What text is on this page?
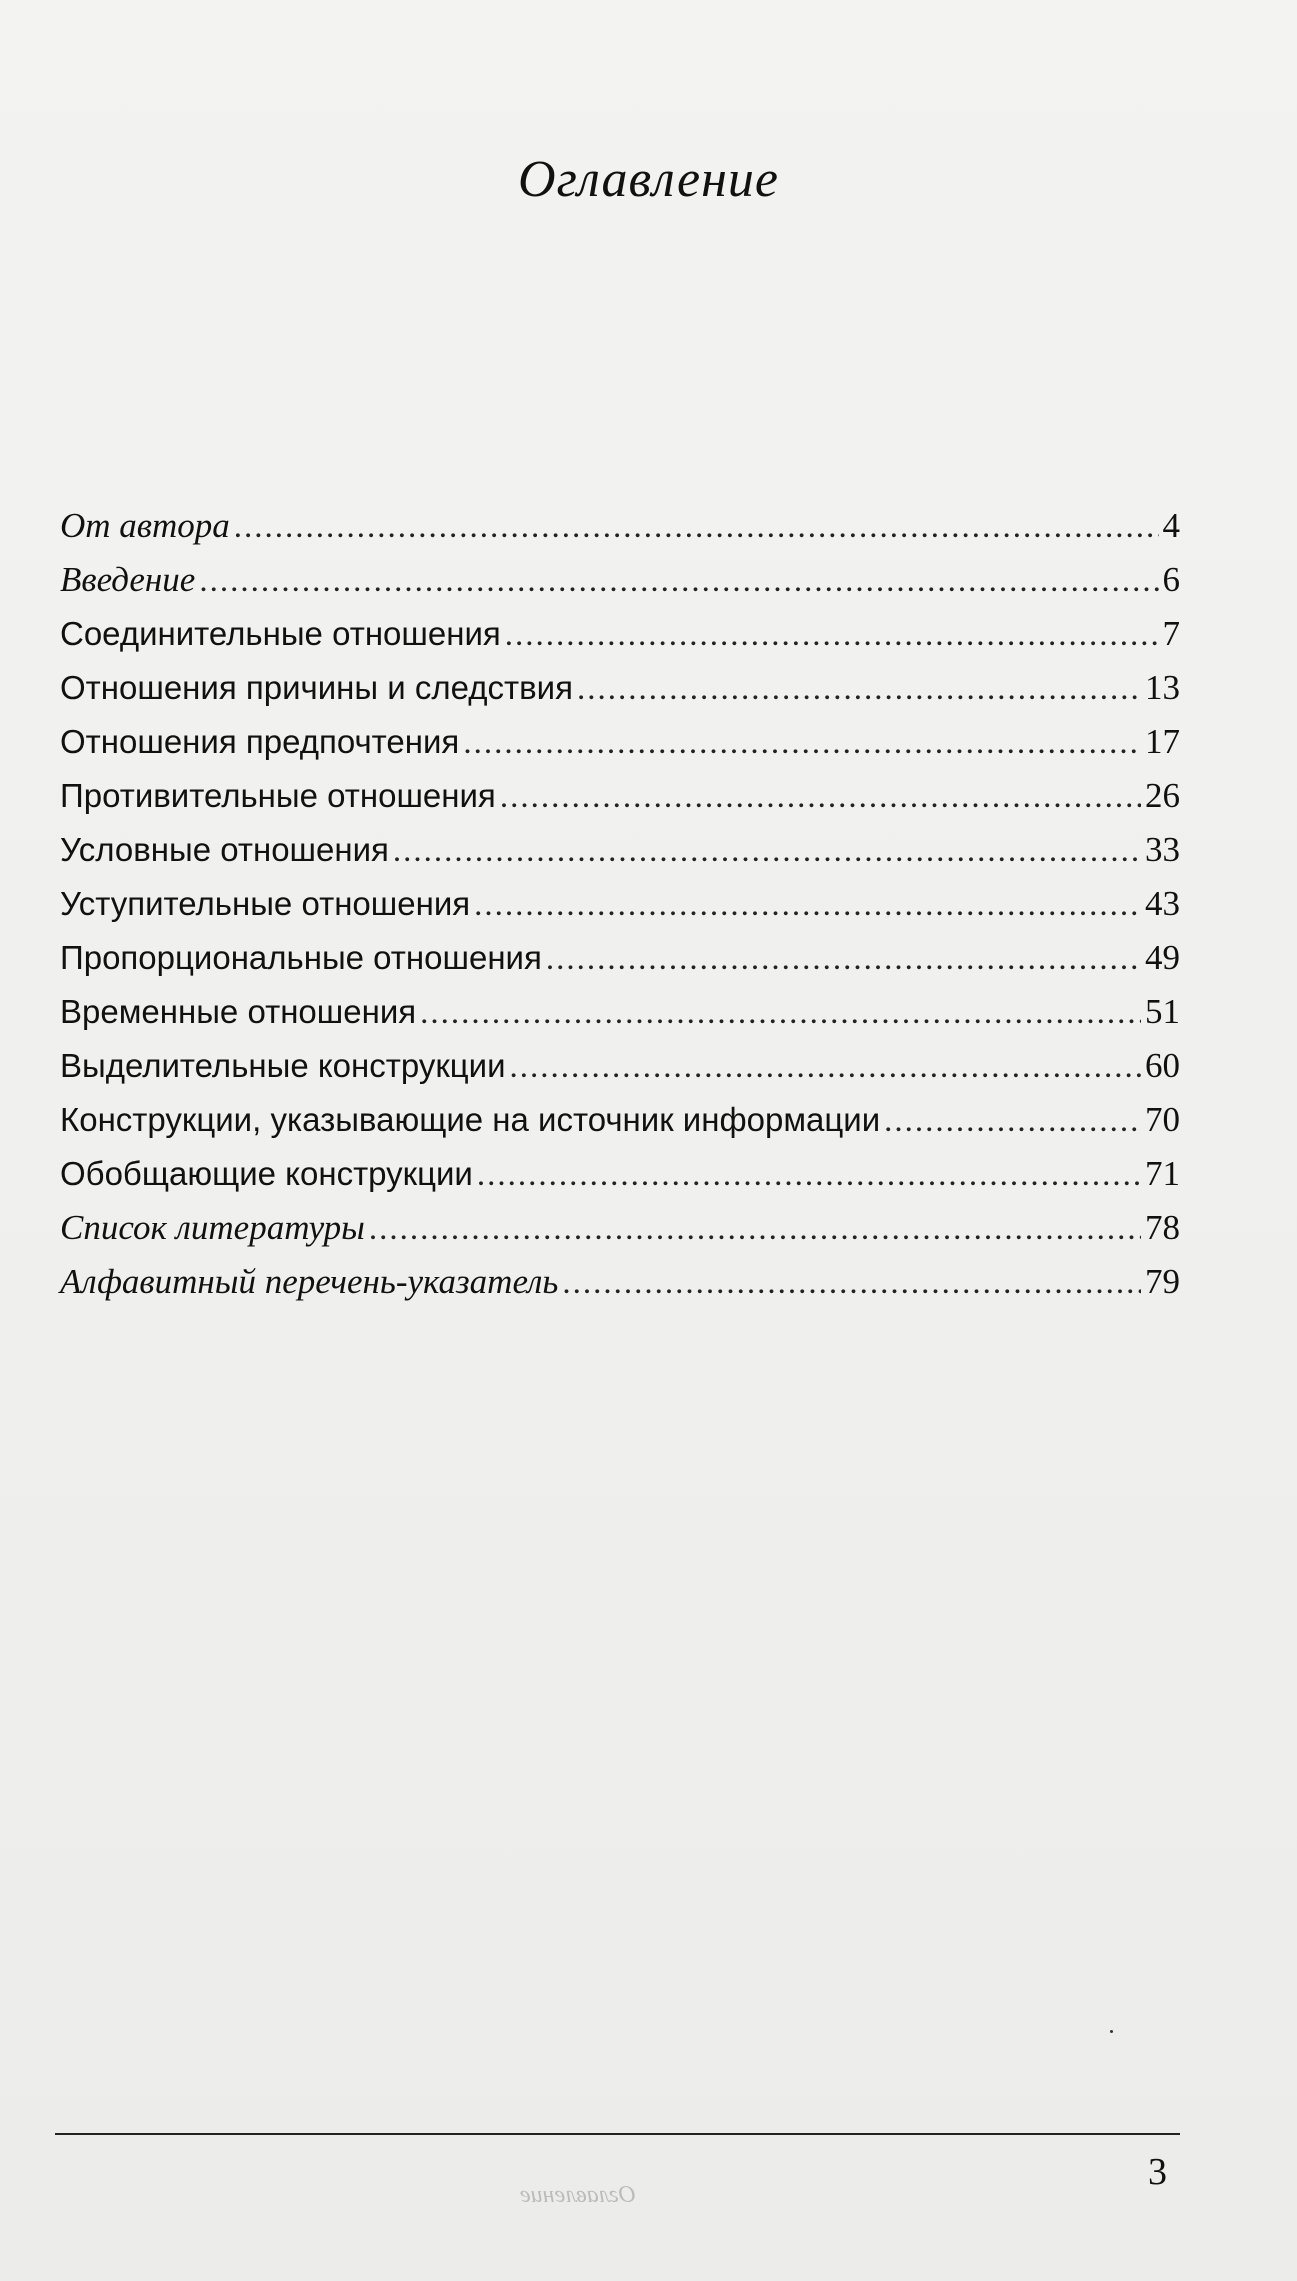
Оглавление
От автора .....	4
Введение .....	6
Соединительные отношения .....	7
Отношения причины и следствия .....	13
Отношения предпочтения .....	17
Противительные отношения .....	26
Условные отношения .....	33
Уступительные отношения .....	43
Пропорциональные отношения .....	49
Временные отношения .....	51
Выделительные конструкции .....	60
Конструкции, указывающие на источник информации .....	70
Обобщающие конструкции .....	71
Список литературы .....	78
Алфавитный перечень-указатель .....	79
Оглавление
3
